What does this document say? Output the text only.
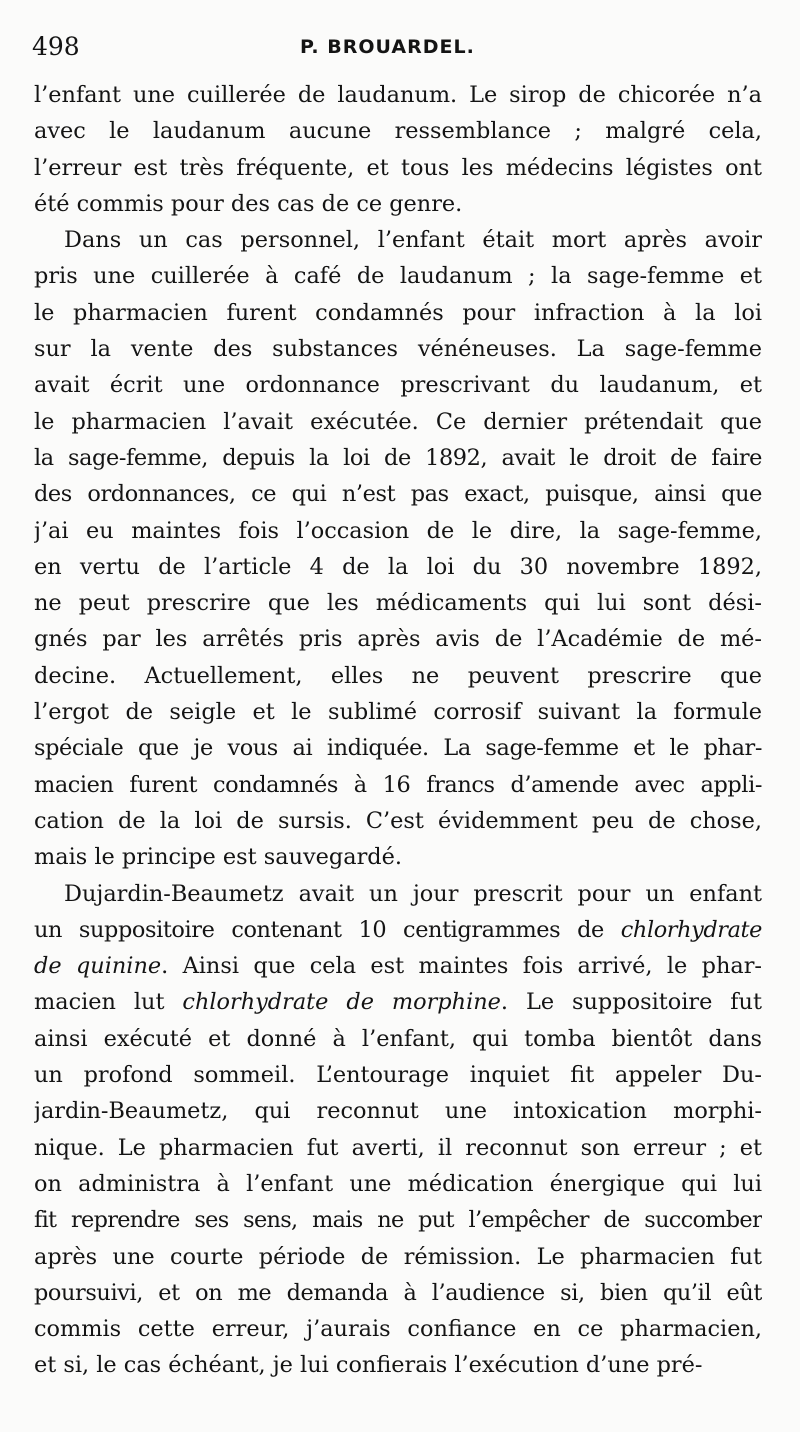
498	P. BROUARDEL.
l’enfant une cuillerée de laudanum. Le sirop de chicorée n’a
avec le laudanum aucune ressemblance ; malgré cela,
l’erreur est très fréquente, et tous les médecins légistes ont
été commis pour des cas de ce genre.
Dans un cas personnel, l’enfant était mort après avoir
pris une cuillerée à café de laudanum ; la sage-femme et
le pharmacien furent condamnés pour infraction à la loi
sur la vente des substances vénéneuses. La sage-femme
avait écrit une ordonnance prescrivant du laudanum, et
le pharmacien l’avait exécutée. Ce dernier prétendait que
la sage-femme, depuis la loi de 1892, avait le droit de faire
des ordonnances, ce qui n’est pas exact, puisque, ainsi que
j’ai eu maintes fois l’occasion de le dire, la sage-femme,
en vertu de l’article 4 de la loi du 30 novembre 1892,
ne peut prescrire que les médicaments qui lui sont dési-
gnés par les arrêtés pris après avis de l’Académie de mé-
decine. Actuellement, elles ne peuvent prescrire que
l’ergot de seigle et le sublimé corrosif suivant la formule
spéciale que je vous ai indiquée. La sage-femme et le phar-
macien furent condamnés à 16 francs d’amende avec appli-
cation de la loi de sursis. C’est évidemment peu de chose,
mais le principe est sauvegardé.
Dujardin-Beaumetz avait un jour prescrit pour un enfant
un suppositoire contenant 10 centigrammes de chlorhydrate
de quinine. Ainsi que cela est maintes fois arrivé, le phar-
macien lut chlorhydrate de morphine. Le suppositoire fut
ainsi exécuté et donné à l’enfant, qui tomba bientôt dans
un profond sommeil. L’entourage inquiet fit appeler Du-
jardin-Beaumetz, qui reconnut une intoxication morphi-
nique. Le pharmacien fut averti, il reconnut son erreur ; et
on administra à l’enfant une médication énergique qui lui
fit reprendre ses sens, mais ne put l’empêcher de succomber
après une courte période de rémission. Le pharmacien fut
poursuivi, et on me demanda à l’audience si, bien qu’il eût
commis cette erreur, j’aurais confiance en ce pharmacien,
et si, le cas échéant, je lui confierais l’exécution d’une pré-
